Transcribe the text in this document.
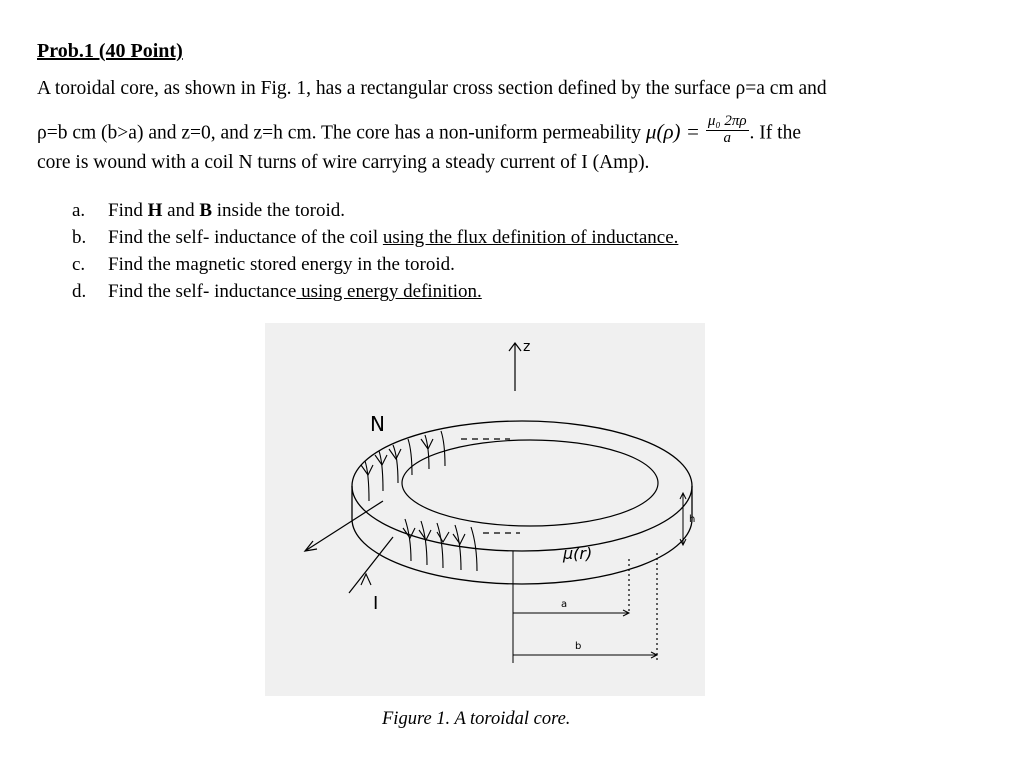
Prob.1 (40 Point)
A toroidal core, as shown in Fig. 1, has a rectangular cross section defined by the surface ρ=a cm and
ρ=b cm (b>a) and z=0, and z=h cm. The core has a non-uniform permeability $\mu(\rho) = \frac{\text{μ₀ 2πρ}}{a}$ . If the
core is wound with a coil N turns of wire carrying a steady current of I (Amp).
a. Find H and B inside the toroid.
b. Find the self- inductance of the coil using the flux definition of inductance.
c. Find the magnetic stored energy in the toroid.
d. Find the self- inductance using energy definition.
z
N
I
μ(r)
h
a
b
Figure 1. A toroidal core.
